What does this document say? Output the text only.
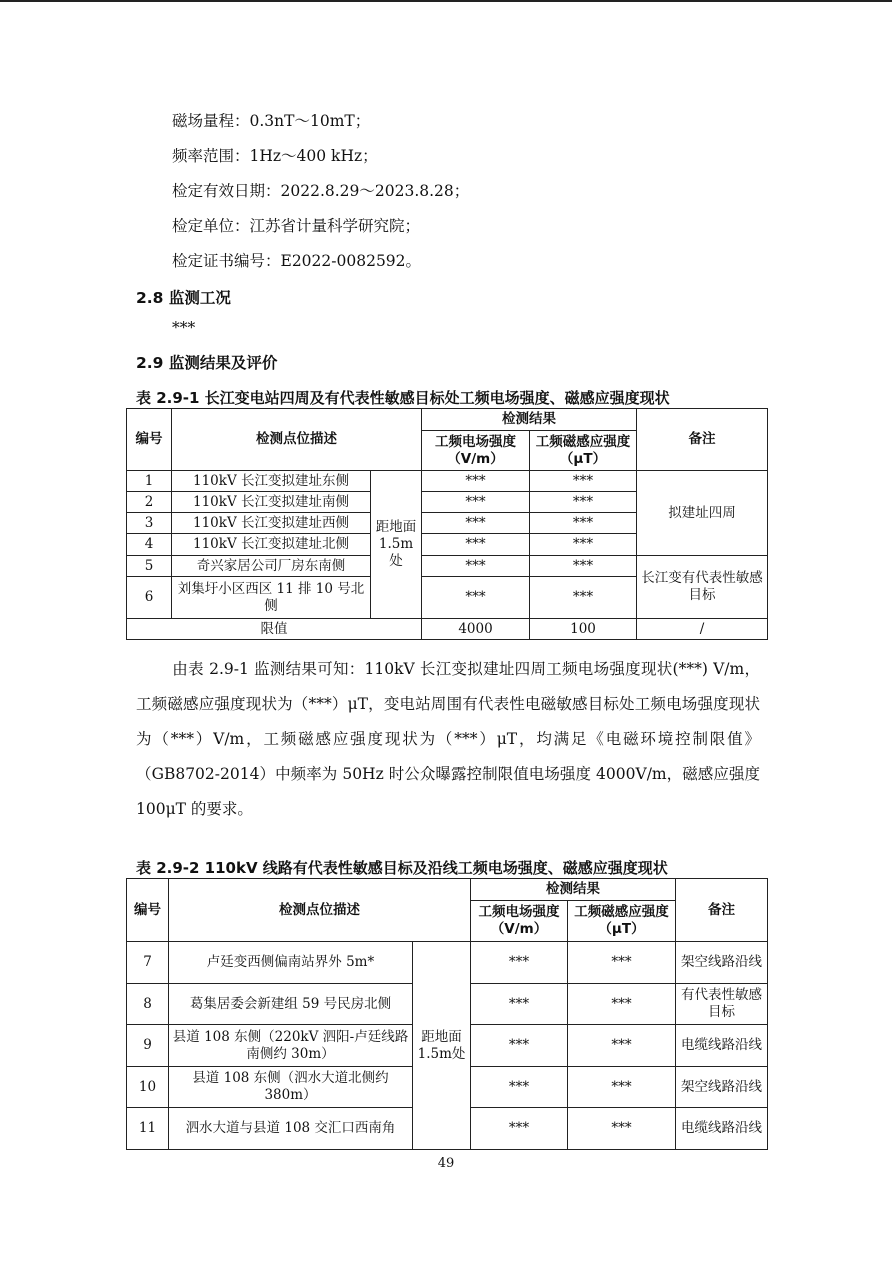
磁场量程：0.3nT～10mT；
频率范围：1Hz～400 kHz；
检定有效日期：2022.8.29～2023.8.28；
检定单位：江苏省计量科学研究院；
检定证书编号：E2022-0082592。
2.8 监测工况
***
2.9 监测结果及评价
表 2.9-1 长江变电站四周及有代表性敏感目标处工频电场强度、磁感应强度现状
编号	检测点位描述		检测结果		备注
			工频电场强度（V/m）	工频磁感应强度（μT）	
1	110kV 长江变拟建址东侧	距地面1.5m处	***	***	拟建址四周
2	110kV 长江变拟建址南侧		***	***	
3	110kV 长江变拟建址西侧		***	***	
4	110kV 长江变拟建址北侧		***	***	
5	奇兴家居公司厂房东南侧		***	***	长江变有代表性敏感目标
6	刘集圩小区西区 11 排 10 号北侧		***	***	
限值			4000	100	/
由表 2.9-1 监测结果可知：110kV 长江变拟建址四周工频电场强度现状(***) V/m，工频磁感应强度现状为（***）μT，变电站周围有代表性电磁敏感目标处工频电场强度现状为（***）V/m，工频磁感应强度现状为（***）μT，均满足《电磁环境控制限值》（GB8702-2014）中频率为 50Hz 时公众曝露控制限值电场强度 4000V/m，磁感应强度 100μT 的要求。
表 2.9-2 110kV 线路有代表性敏感目标及沿线工频电场强度、磁感应强度现状
编号	检测点位描述		检测结果		备注
			工频电场强度（V/m）	工频磁感应强度（μT）	
7	卢廷变西侧偏南站界外 5m*	距地面1.5m处	***	***	架空线路沿线
8	葛集居委会新建组 59 号民房北侧		***	***	有代表性敏感目标
9	县道 108 东侧（220kV 泗阳-卢廷线路南侧约 30m）		***	***	电缆线路沿线
10	县道 108 东侧（泗水大道北侧约 380m）		***	***	架空线路沿线
11	泗水大道与县道 108 交汇口西南角		***	***	电缆线路沿线
49
